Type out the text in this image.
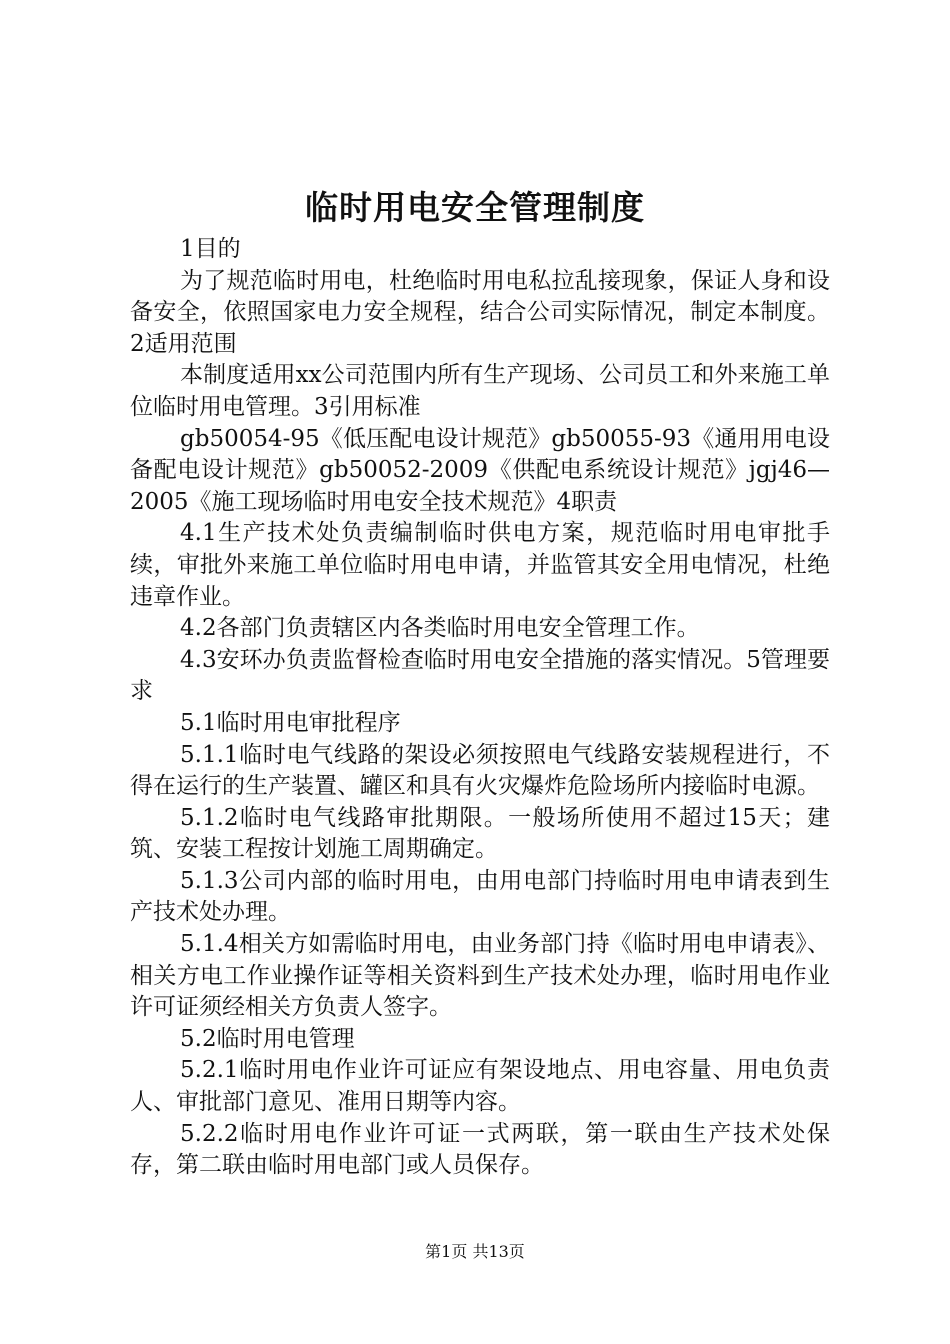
临时用电安全管理制度

1目的

为了规范临时用电，杜绝临时用电私拉乱接现象，保证人身和设备安全，依照国家电力安全规程，结合公司实际情况，制定本制度。2适用范围

本制度适用xx公司范围内所有生产现场、公司员工和外来施工单位临时用电管理。3引用标准

gb50054-95《低压配电设计规范》gb50055-93《通用用电设备配电设计规范》gb50052-2009《供配电系统设计规范》jgj46—2005《施工现场临时用电安全技术规范》4职责

4.1生产技术处负责编制临时供电方案，规范临时用电审批手续，审批外来施工单位临时用电申请，并监管其安全用电情况，杜绝违章作业。

4.2各部门负责辖区内各类临时用电安全管理工作。

4.3安环办负责监督检查临时用电安全措施的落实情况。5管理要求

5.1临时用电审批程序

5.1.1临时电气线路的架设必须按照电气线路安装规程进行，不得在运行的生产装置、罐区和具有火灾爆炸危险场所内接临时电源。

5.1.2临时电气线路审批期限。一般场所使用不超过15天；建筑、安装工程按计划施工周期确定。

5.1.3公司内部的临时用电，由用电部门持临时用电申请表到生产技术处办理。

5.1.4相关方如需临时用电，由业务部门持《临时用电申请表》、相关方电工作业操作证等相关资料到生产技术处办理，临时用电作业许可证须经相关方负责人签字。

5.2临时用电管理

5.2.1临时用电作业许可证应有架设地点、用电容量、用电负责人、审批部门意见、准用日期等内容。

5.2.2临时用电作业许可证一式两联，第一联由生产技术处保存，第二联由临时用电部门或人员保存。

第1页 共13页
